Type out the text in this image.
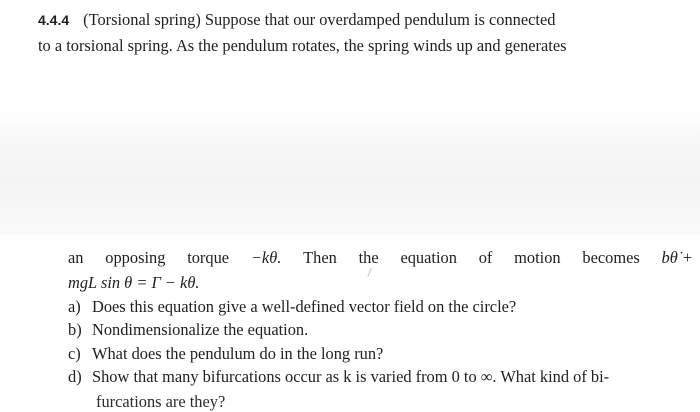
4.4.4 (Torsional spring) Suppose that our overdamped pendulum is connected
to a torsional spring. As the pendulum rotates, the spring winds up and generates
an opposing torque −kθ. Then the equation of motion becomes bθ̇ +
mgL sin θ = Γ − kθ.
a) Does this equation give a well-defined vector field on the circle?
b) Nondimensionalize the equation.
c) What does the pendulum do in the long run?
d) Show that many bifurcations occur as k is varied from 0 to ∞. What kind of bi-
furcations are they?
